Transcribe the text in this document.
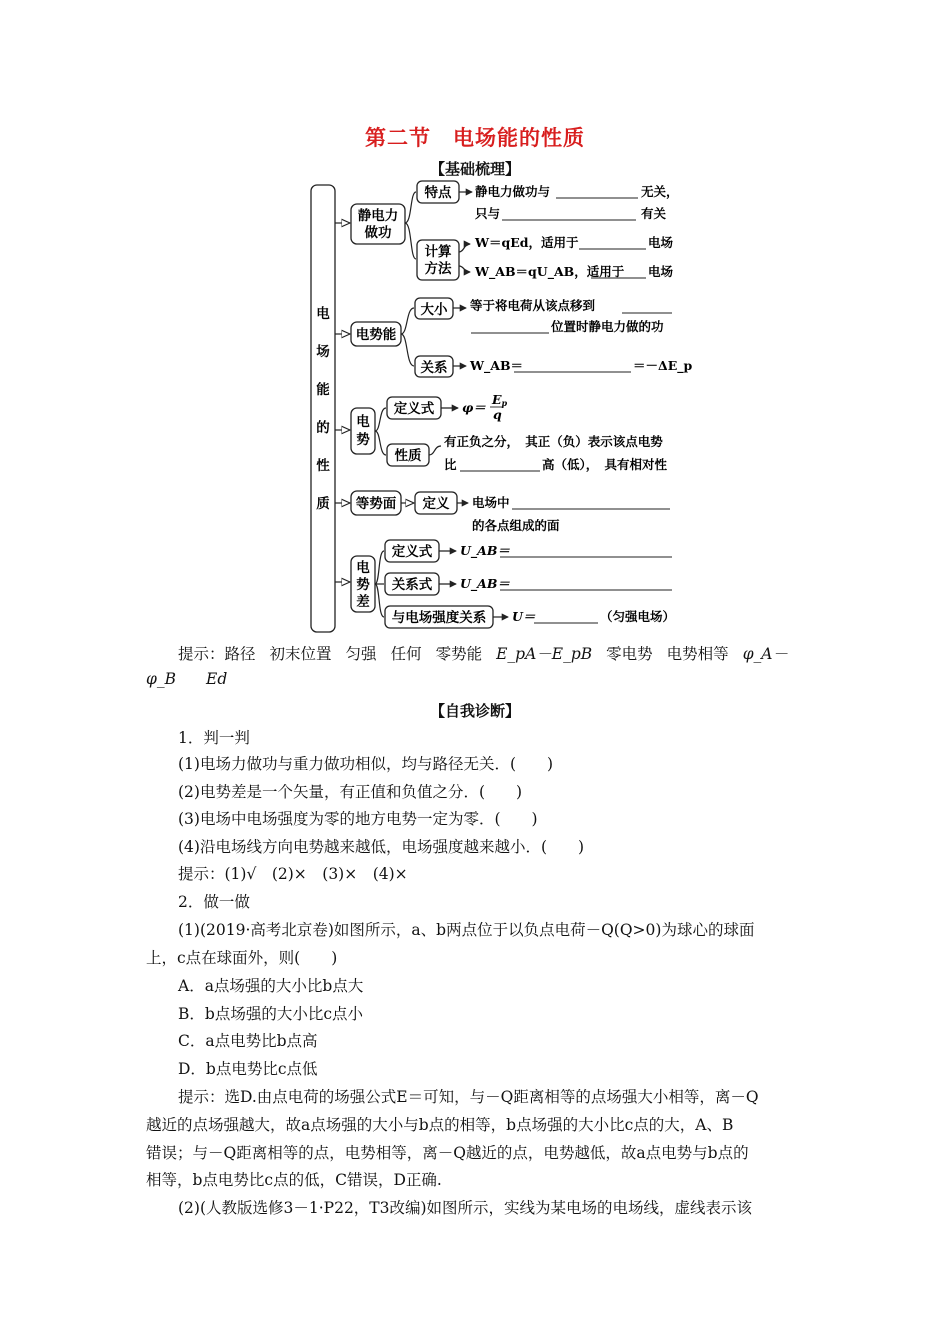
第二节　电场能的性质
【基础梳理】
电
场
能
的
性
质
静电力
做功
特点 静电力做功与	无关，
只与	有关
计算
方法
W＝qEd，适用于	电场
W_AB＝qU_AB，适用于 电场
电势能
大小 等于将电荷从该点移到
位置时静电力做的功
关系 W_AB＝	＝－ΔE_p
电
势
定义式 φ＝
Ep
q
性质
有正负之分，　其正（负）表示该点电势
比	高（低），　具有相对性
等势面 定义 电场中
的各点组成的面
电
势
差
定义式 U_AB＝
关系式 U_AB＝
与电场强度关系 U＝	（匀强电场）
提示：路径 初末位置 匀强 任何 零势能 E_pA－E_pB 零电势 电势相等 φ_A－
φ_B Ed
【自我诊断】
1．判一判
(1)电场力做功与重力做功相似，均与路径无关．(　　)
(2)电势差是一个矢量，有正值和负值之分．(　　)
(3)电场中电场强度为零的地方电势一定为零．(　　)
(4)沿电场线方向电势越来越低，电场强度越来越小．(　　)
提示：(1)√　(2)×　(3)×　(4)×
2．做一做
(1)(2019·高考北京卷)如图所示，a、b两点位于以负点电荷－Q(Q>0)为球心的球面
上，c点在球面外，则(　　)
A．a点场强的大小比b点大
B．b点场强的大小比c点小
C．a点电势比b点高
D．b点电势比c点低
提示：选D.由点电荷的场强公式E＝可知，与－Q距离相等的点场强大小相等，离－Q
越近的点场强越大，故a点场强的大小与b点的相等，b点场强的大小比c点的大，A、B
错误；与－Q距离相等的点，电势相等，离－Q越近的点，电势越低，故a点电势与b点的
相等，b点电势比c点的低，C错误，D正确.
(2)(人教版选修3－1·P22，T3改编)如图所示，实线为某电场的电场线，虚线表示该
